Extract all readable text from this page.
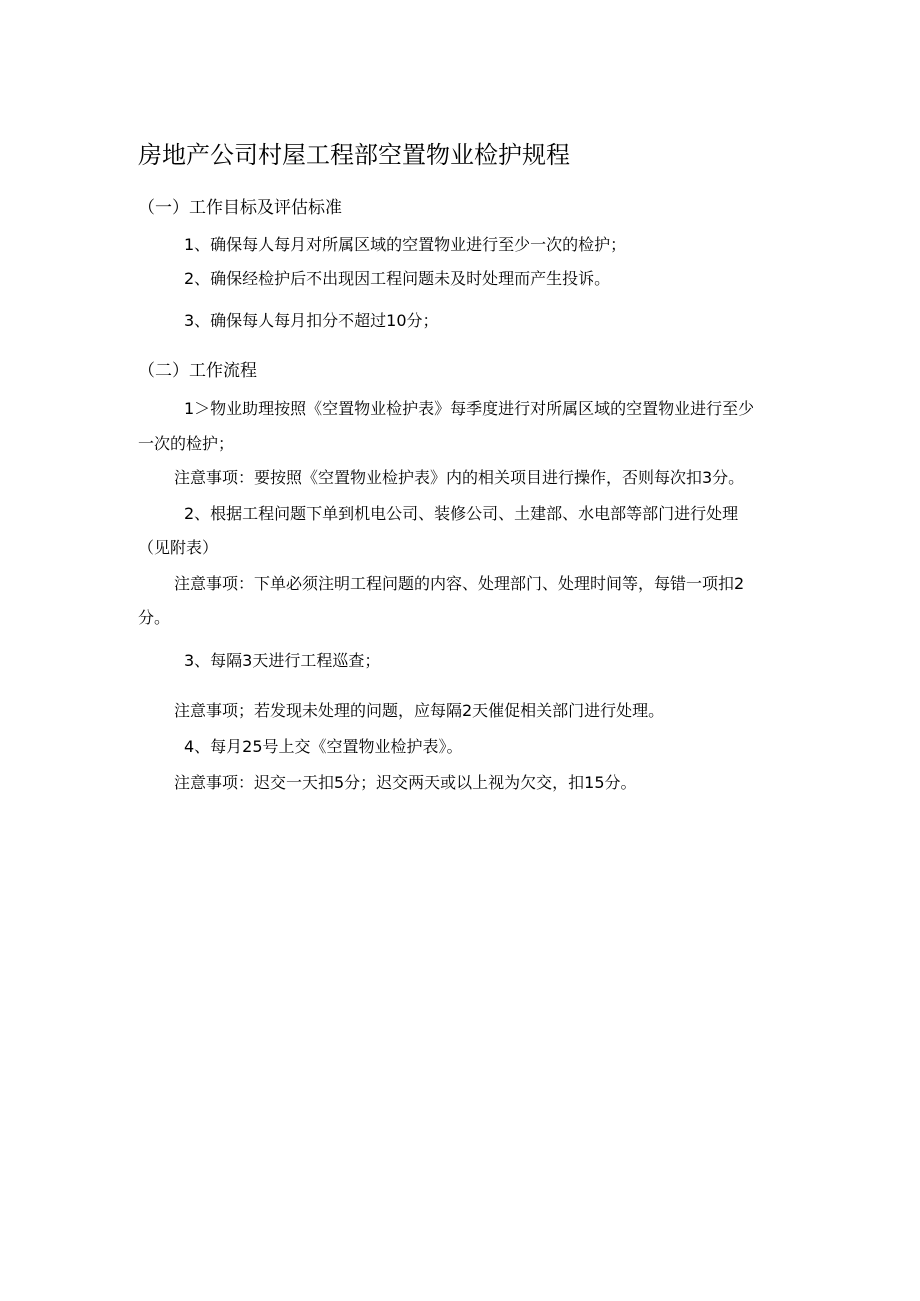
房地产公司村屋工程部空置物业检护规程
（一）工作目标及评估标准
1、确保每人每月对所属区域的空置物业进行至少一次的检护；
2、确保经检护后不出现因工程问题未及时处理而产生投诉。
3、确保每人每月扣分不超过10分；
（二）工作流程
1＞物业助理按照《空置物业检护表》每季度进行对所属区域的空置物业进行至少
一次的检护；
注意事项：要按照《空置物业检护表》内的相关项目进行操作，否则每次扣3分。
2、根据工程问题下单到机电公司、装修公司、土建部、水电部等部门进行处理
（见附表）
注意事项：下单必须注明工程问题的内容、处理部门、处理时间等，每错一项扣2
分。
3、每隔3天进行工程巡查；
注意事项；若发现未处理的问题，应每隔2天催促相关部门进行处理。
4、每月25号上交《空置物业检护表》。
注意事项：迟交一天扣5分；迟交两天或以上视为欠交，扣15分。
